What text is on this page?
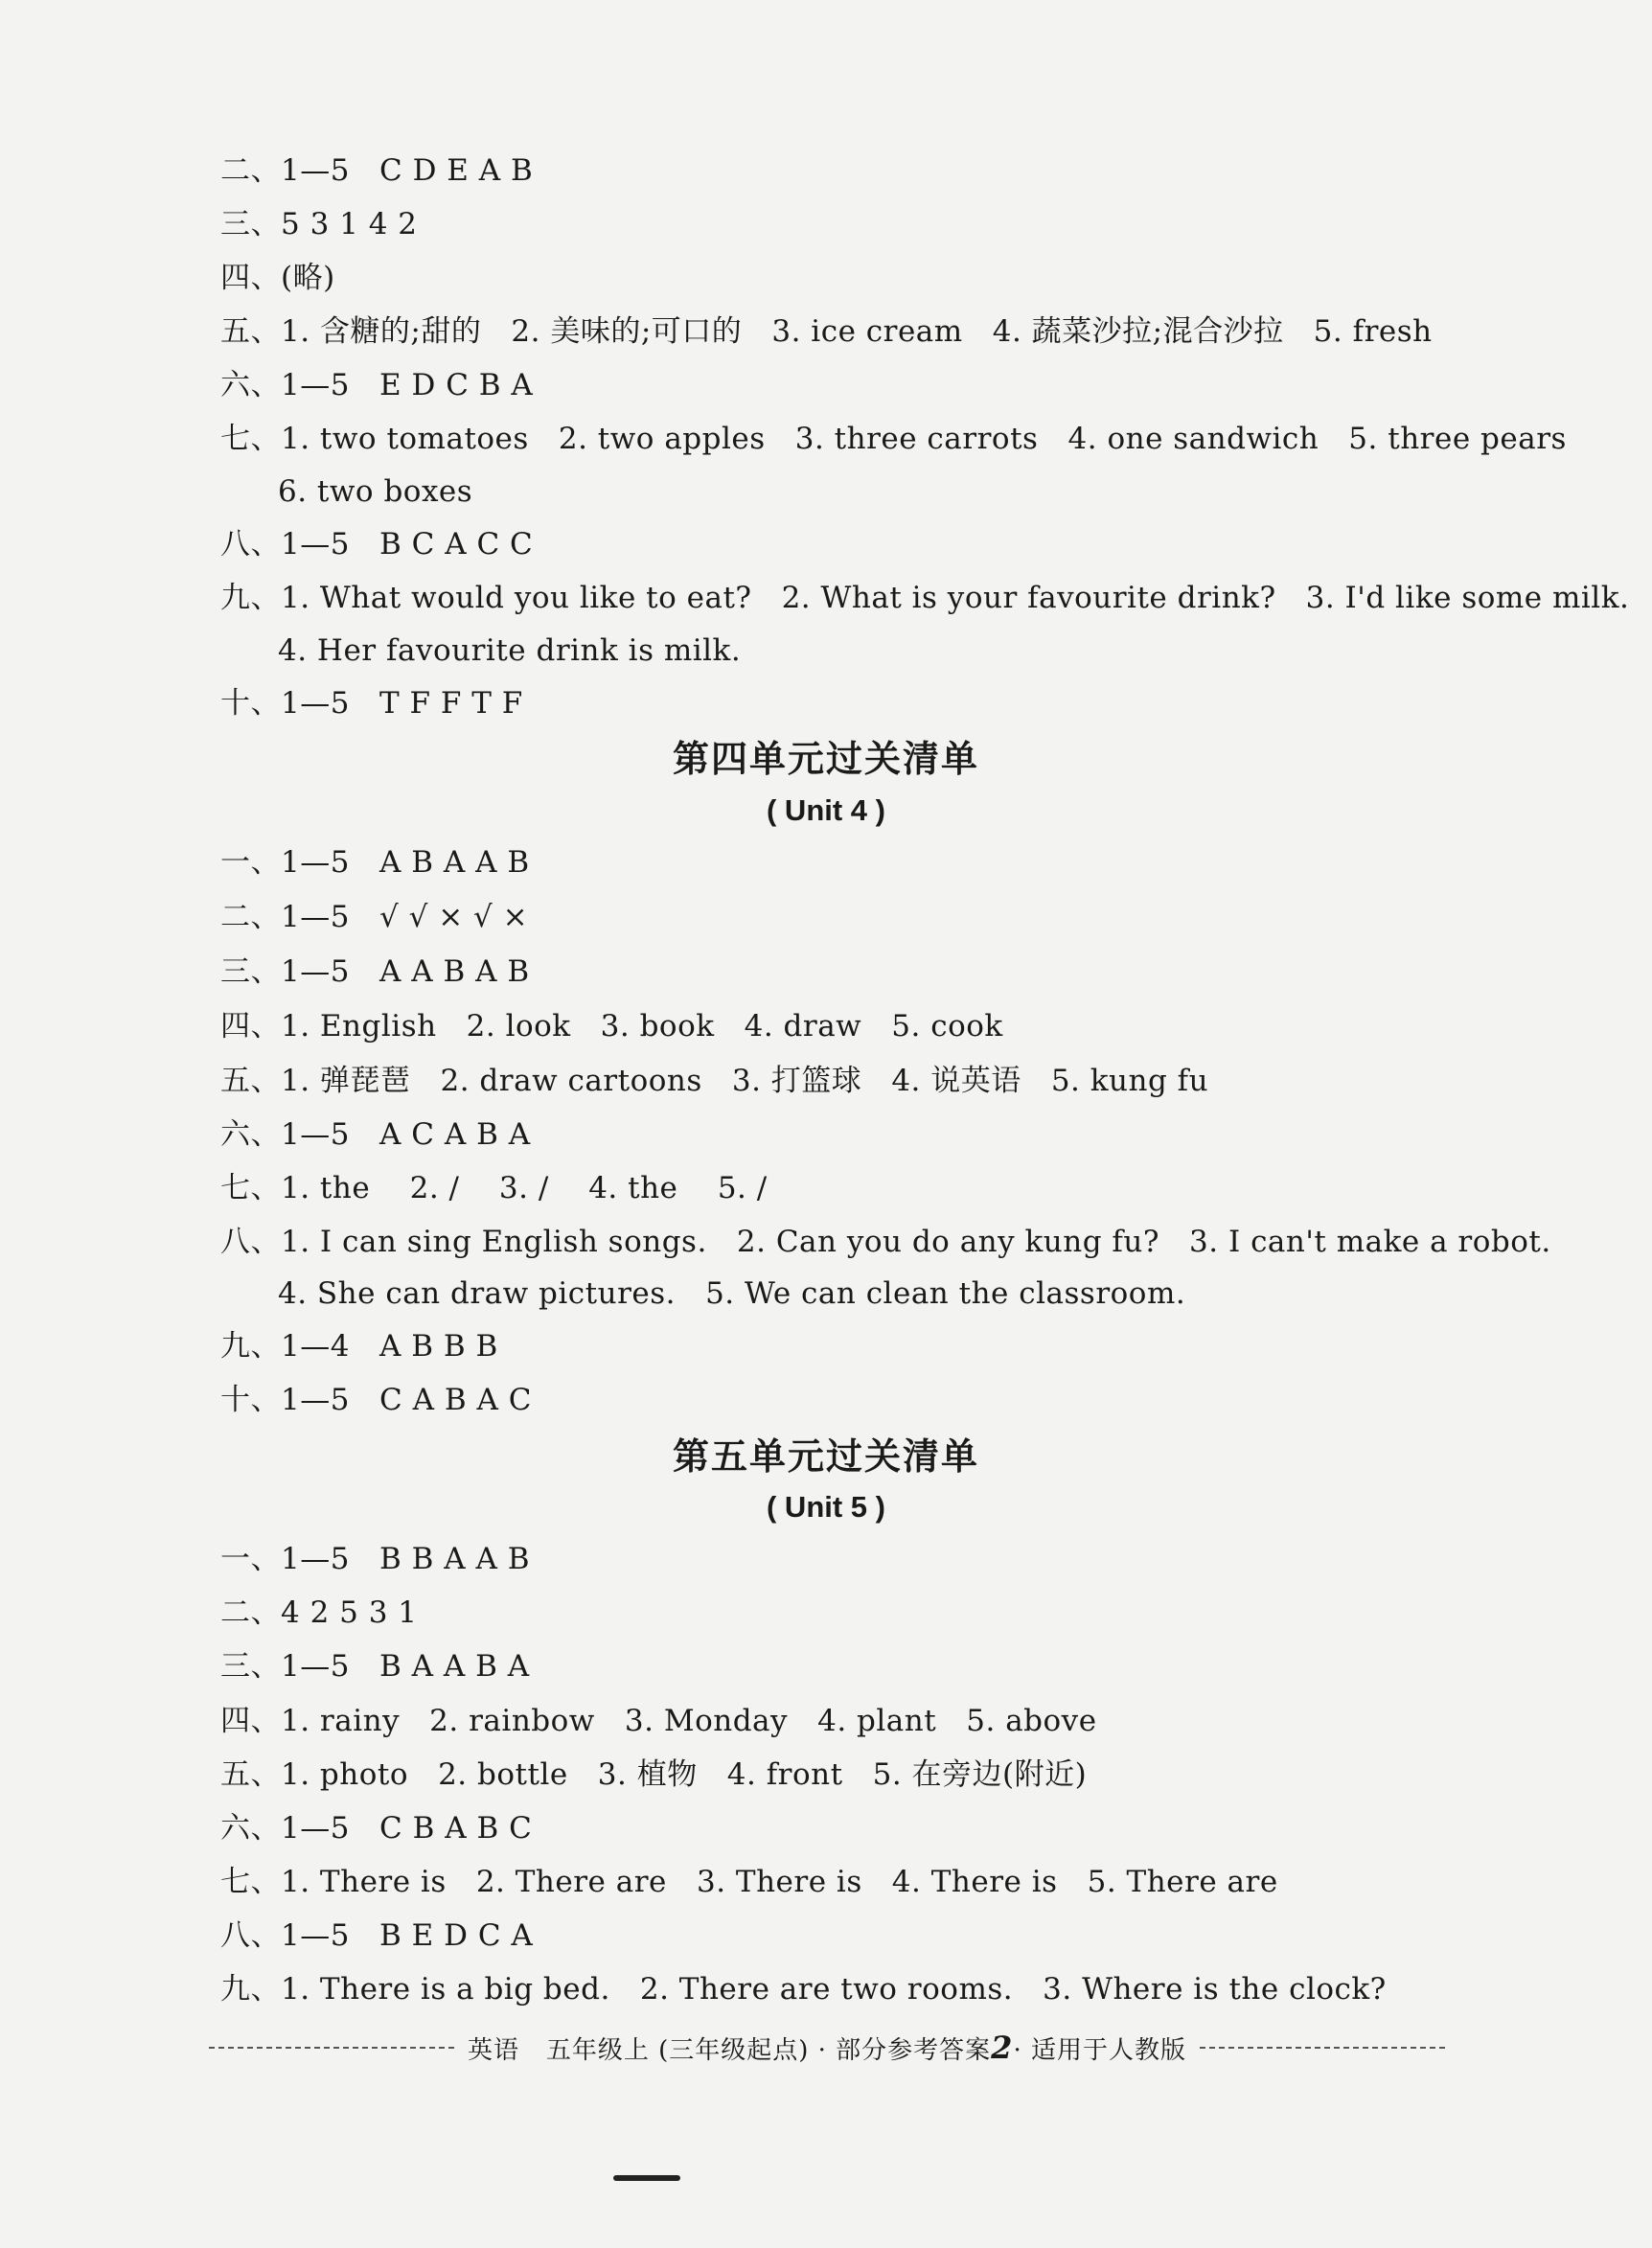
二、1—5   C D E A B
三、5 3 1 4 2
四、(略)
五、1. 含糖的;甜的   2. 美味的;可口的   3. ice cream   4. 蔬菜沙拉;混合沙拉   5. fresh
六、1—5   E D C B A
七、1. two tomatoes   2. two apples   3. three carrots   4. one sandwich   5. three pears
6. two boxes
八、1—5   B C A C C
九、1. What would you like to eat?   2. What is your favourite drink?   3. I'd like some milk.
4. Her favourite drink is milk.
十、1—5   T F F T F
第四单元过关清单
( Unit 4 )
一、1—5   A B A A B
二、1—5   √ √ × √ ×
三、1—5   A A B A B
四、1. English   2. look   3. book   4. draw   5. cook
五、1. 弹琵琶   2. draw cartoons   3. 打篮球   4. 说英语   5. kung fu
六、1—5   A C A B A
七、1. the    2. /    3. /    4. the    5. /
八、1. I can sing English songs.   2. Can you do any kung fu?   3. I can't make a robot.
4. She can draw pictures.   5. We can clean the classroom.
九、1—4   A B B B
十、1—5   C A B A C
第五单元过关清单
( Unit 5 )
一、1—5   B B A A B
二、4 2 5 3 1
三、1—5   B A A B A
四、1. rainy   2. rainbow   3. Monday   4. plant   5. above
五、1. photo   2. bottle   3. 植物   4. front   5. 在旁边(附近)
六、1—5   C B A B C
七、1. There is   2. There are   3. There is   4. There is   5. There are
八、1—5   B E D C A
九、1. There is a big bed.   2. There are two rooms.   3. Where is the clock?
英语   五年级上 (三年级起点) · 部分参考答案2· 适用于人教版
